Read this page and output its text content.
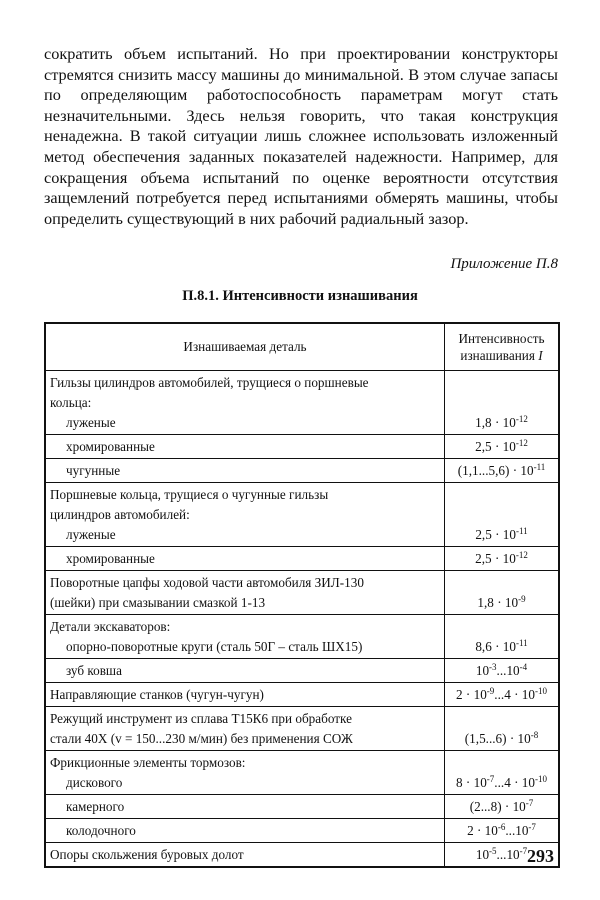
сократить объем испытаний. Но при проектировании конструкторы стремятся снизить массу машины до минимальной. В этом случае запасы по определяющим работоспособность параметрам могут стать незначительными. Здесь нельзя говорить, что такая конструкция ненадежна. В такой ситуации лишь сложнее использовать изложенный метод обеспечения заданных показателей надежности. Например, для сокращения объема испытаний по оценке вероятности отсутствия защемлений потребуется перед испытаниями обмерять машины, чтобы определить существующий в них рабочий радиальный зазор.

Приложение П.8
П.8.1. Интенсивности изнашивания
Изнашиваемая деталь	Интенсивность
изнашивания I

Гильзы цилиндров автомобилей, трущиеся о поршневые
кольца:
луженые	$1,8 \cdot 10^{-12}$

хромированные	$2,5 \cdot 10^{-12}$

чугунные	$(1,1...5,6) \cdot 10^{-11}$

Поршневые кольца, трущиеся о чугунные гильзы
цилиндров автомобилей:
луженые	$2,5 \cdot 10^{-11}$

хромированные	$2,5 \cdot 10^{-12}$

Поворотные цапфы ходовой части автомобиля ЗИЛ-130
(шейки) при смазывании смазкой 1-13	$1,8 \cdot 10^{-9}$

Детали экскаваторов:
опорно-поворотные круги (сталь 50Г – сталь ШХ15)	$8,6 \cdot 10^{-11}$

зуб ковша	$10^{-3}...10^{-4}$

Направляющие станков (чугун-чугун)	$2 \cdot 10^{-9}...4 \cdot 10^{-10}$

Режущий инструмент из сплава Т15К6 при обработке
стали 40Х (v = 150...230 м/мин) без применения СОЖ	$(1,5...6) \cdot 10^{-8}$

Фрикционные элементы тормозов:
дискового	$8 \cdot 10^{-7}...4 \cdot 10^{-10}$

камерного	$(2...8) \cdot 10^{-7}$

колодочного	$2 \cdot 10^{-6}...10^{-7}$

Опоры скольжения буровых долот	$10^{-5}...10^{-7}$ 293
